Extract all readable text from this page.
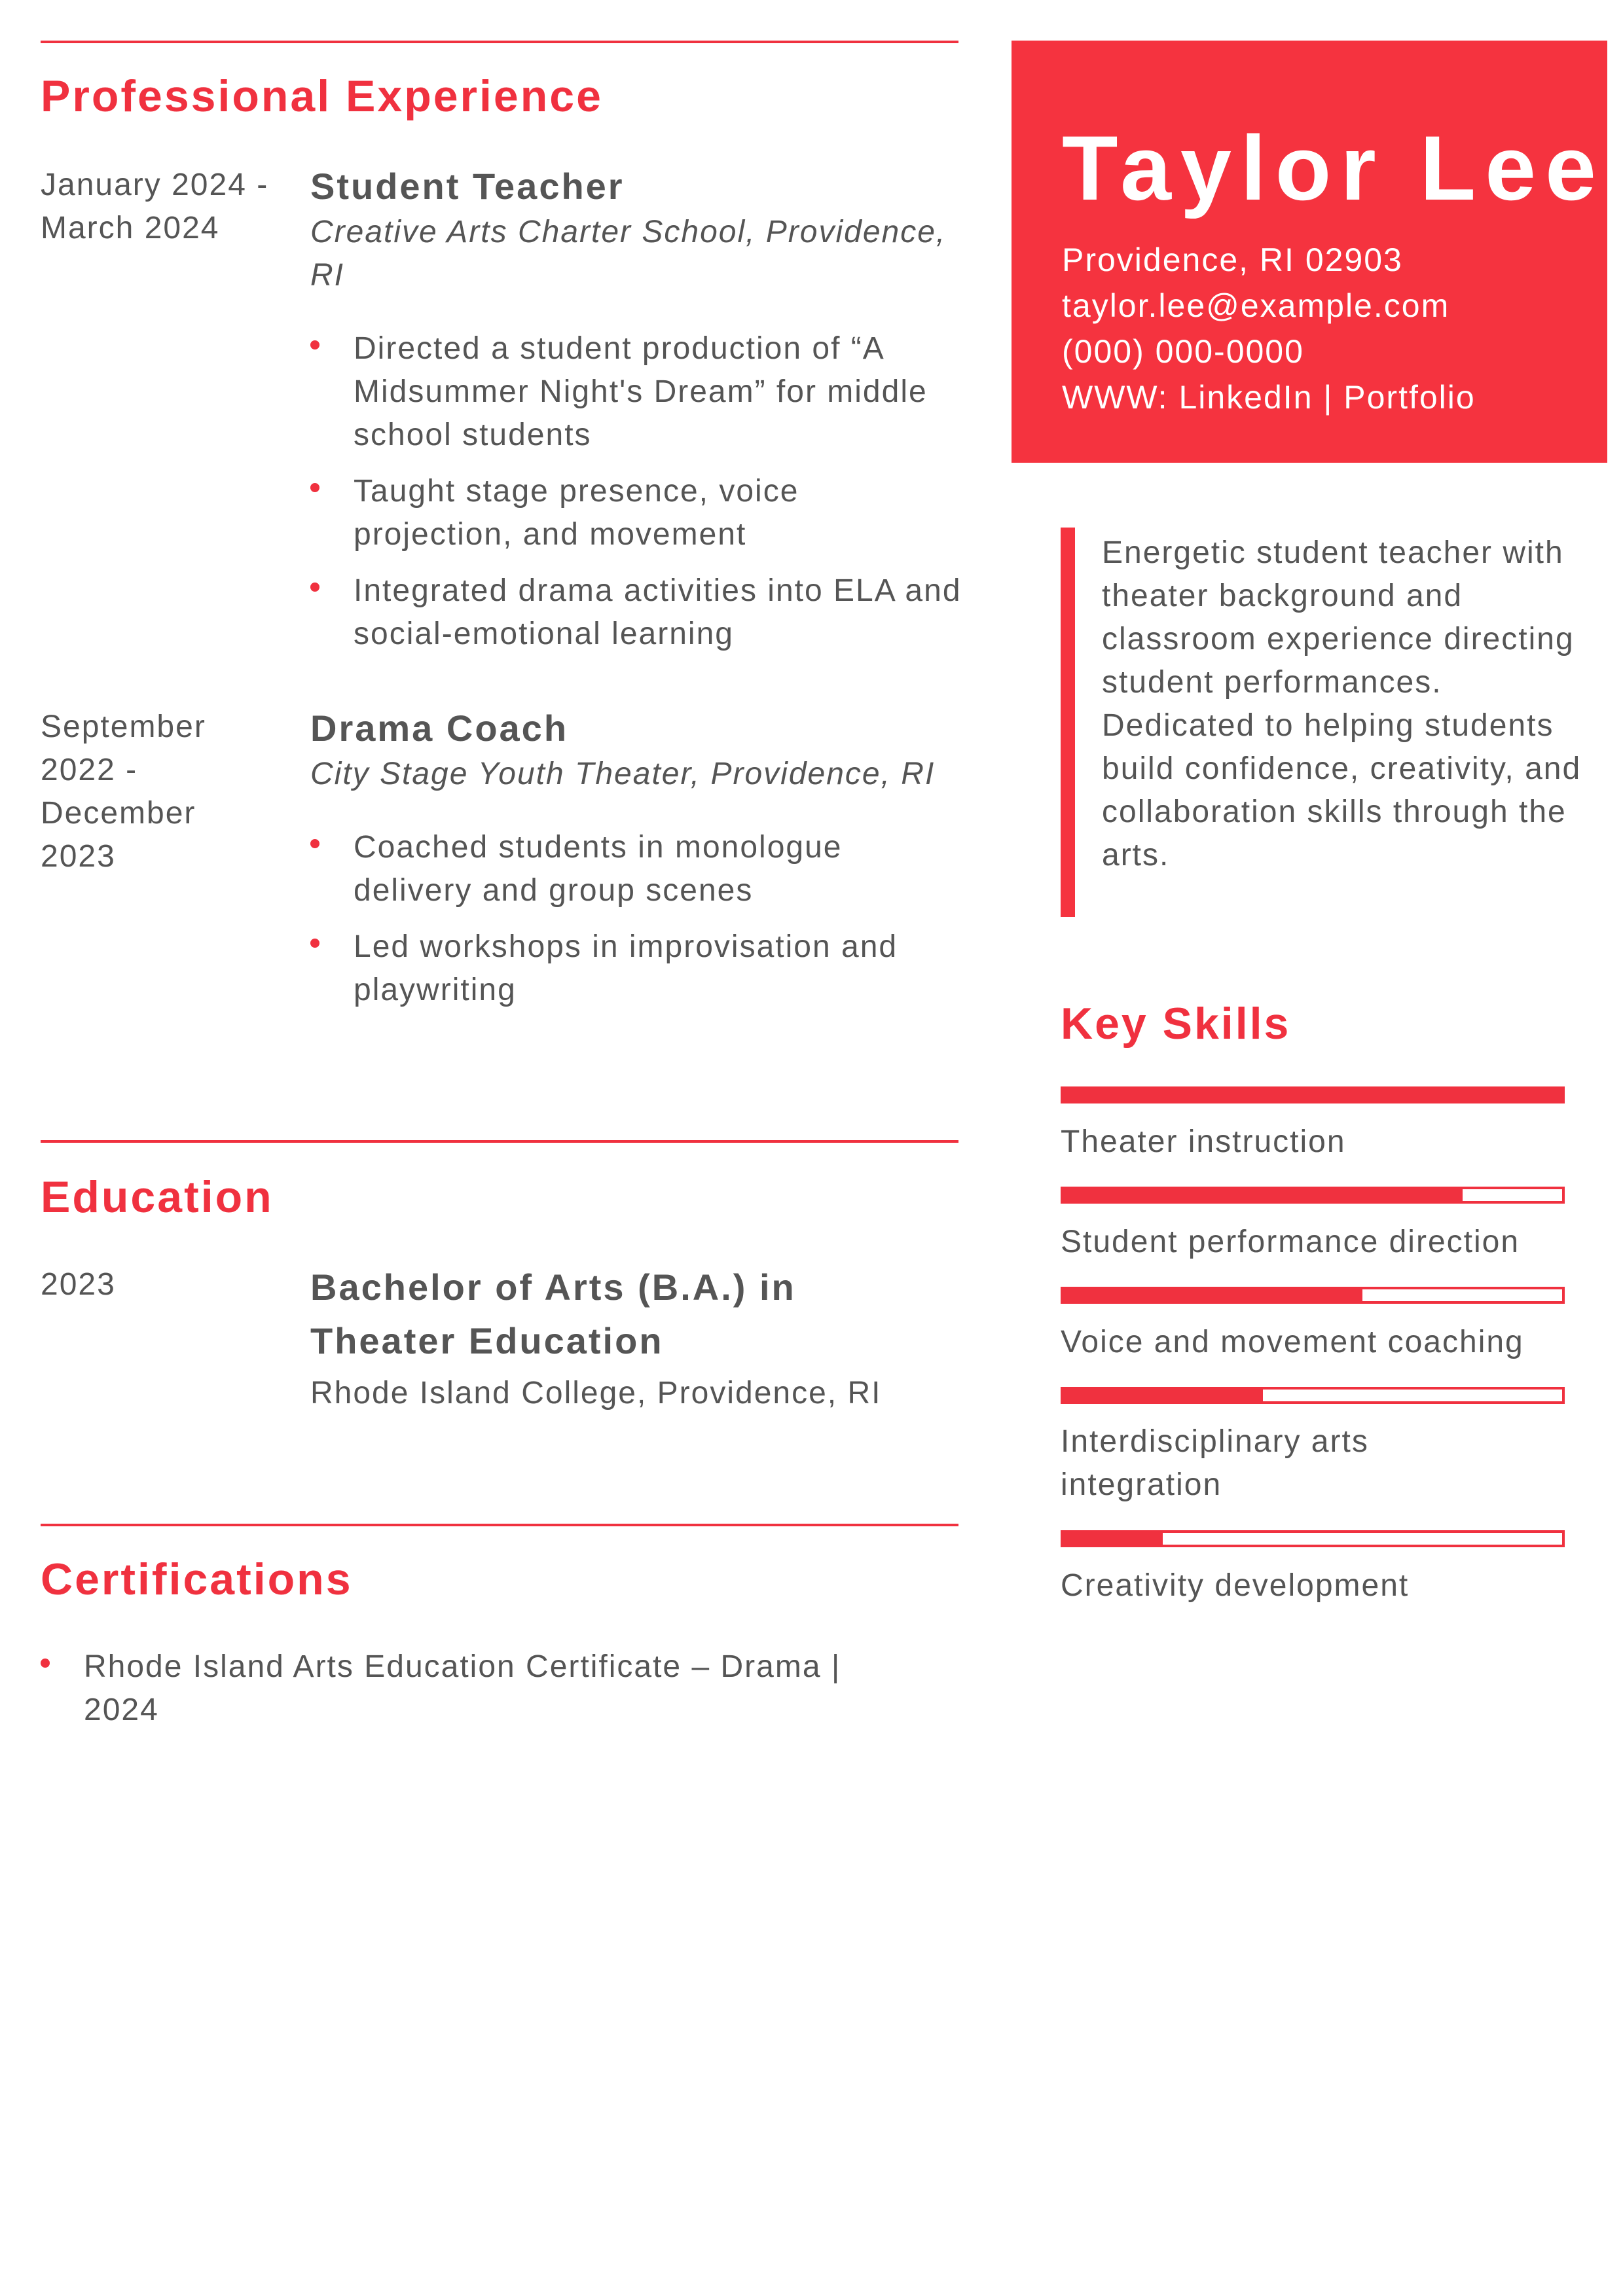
Professional Experience
January 2024 - March 2024
Student Teacher
Creative Arts Charter School, Providence, RI
Directed a student production of “A Midsummer Night's Dream” for middle school students
Taught stage presence, voice projection, and movement
Integrated drama activities into ELA and social-emotional learning
September 2022 - December 2023
Drama Coach
City Stage Youth Theater, Providence, RI
Coached students in monologue delivery and group scenes
Led workshops in improvisation and playwriting
Education
2023	Bachelor of Arts (B.A.) in Theater Education
Rhode Island College, Providence, RI
Certifications
Rhode Island Arts Education Certificate – Drama | 2024
Taylor Lee
Providence, RI 02903
taylor.lee@example.com
(000) 000-0000
WWW: LinkedIn | Portfolio
Energetic student teacher with theater background and classroom experience directing student performances. Dedicated to helping students build confidence, creativity, and collaboration skills through the arts.
Key Skills
Theater instruction
Student performance direction
Voice and movement coaching
Interdisciplinary arts integration
Creativity development
